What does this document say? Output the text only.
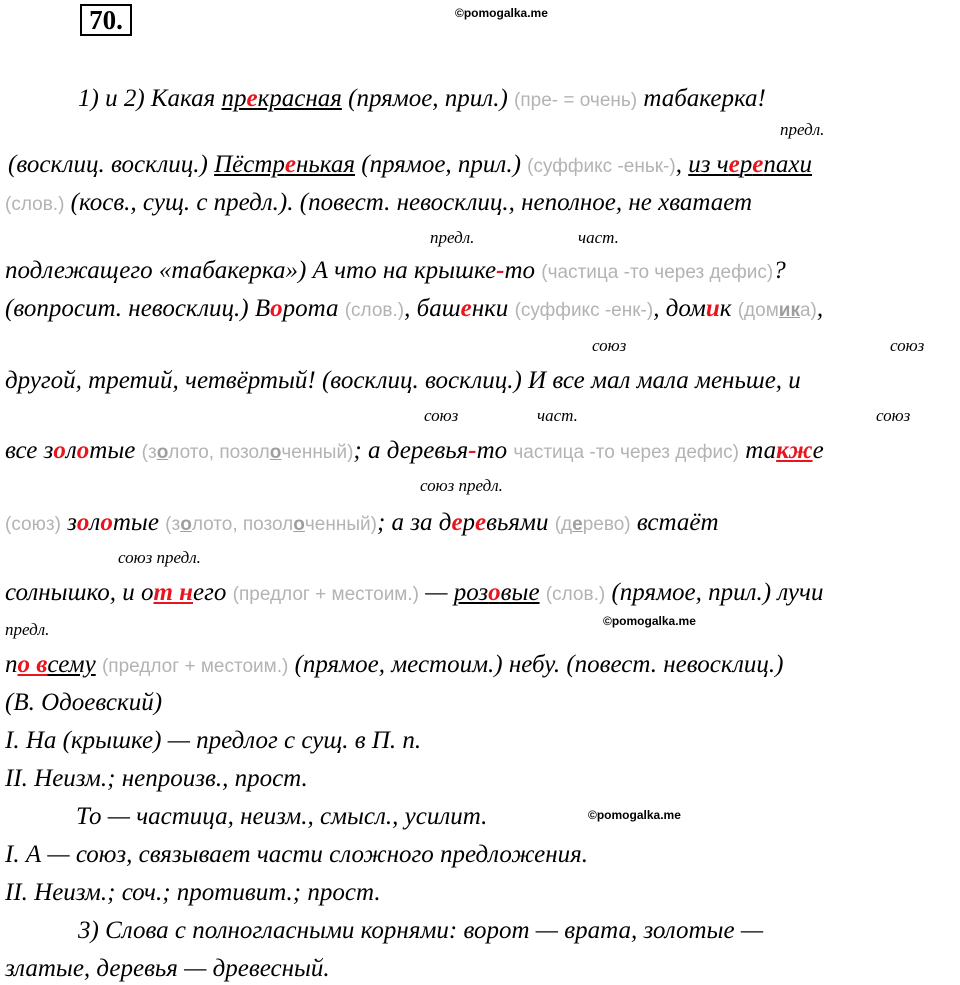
70.	©pomogalka.me
1) и 2) Какая прекрасная (прямое, прил.) (пре- = очень) табакерка!
предл.
(восклиц. восклиц.) Пёстренькая (прямое, прил.) (суффикс -еньк-), из черепахи
(слов.) (косв., сущ. с предл.). (повест. невосклиц., неполное, не хватает
предл.	част.
подлежащего «табакерка») А что на крышке-то (частица -то через дефис)?
(вопросит. невосклиц.) Ворота (слов.), башенки (суффикс -енк-), домик (домика),
союз	союз
другой, третий, четвёртый! (восклиц. восклиц.) И все мал мала меньше, и
союз	част.	союз
все золотые (золото, позолоченный); а деревья-то частица -то через дефис) также
союз предл.
(союз) золотые (золото, позолоченный); а за деревьями (дерево) встаёт
союз предл.
солнышко, и от него (предлог + местоим.) — розовые (слов.) (прямое, прил.) лучи
предл.	©pomogalka.me
по всему (предлог + местоим.) (прямое, местоим.) небу. (повест. невосклиц.)
(В. Одоевский)
I. На (крышке) — предлог с сущ. в П. п.
II. Неизм.; непроизв., прост.
То — частица, неизм., смысл., усилит.	©pomogalka.me
I. А — союз, связывает части сложного предложения.
II. Неизм.; соч.; противит.; прост.
3) Слова с полногласными корнями: ворот — врата, золотые —
златые, деревья — древесный.
